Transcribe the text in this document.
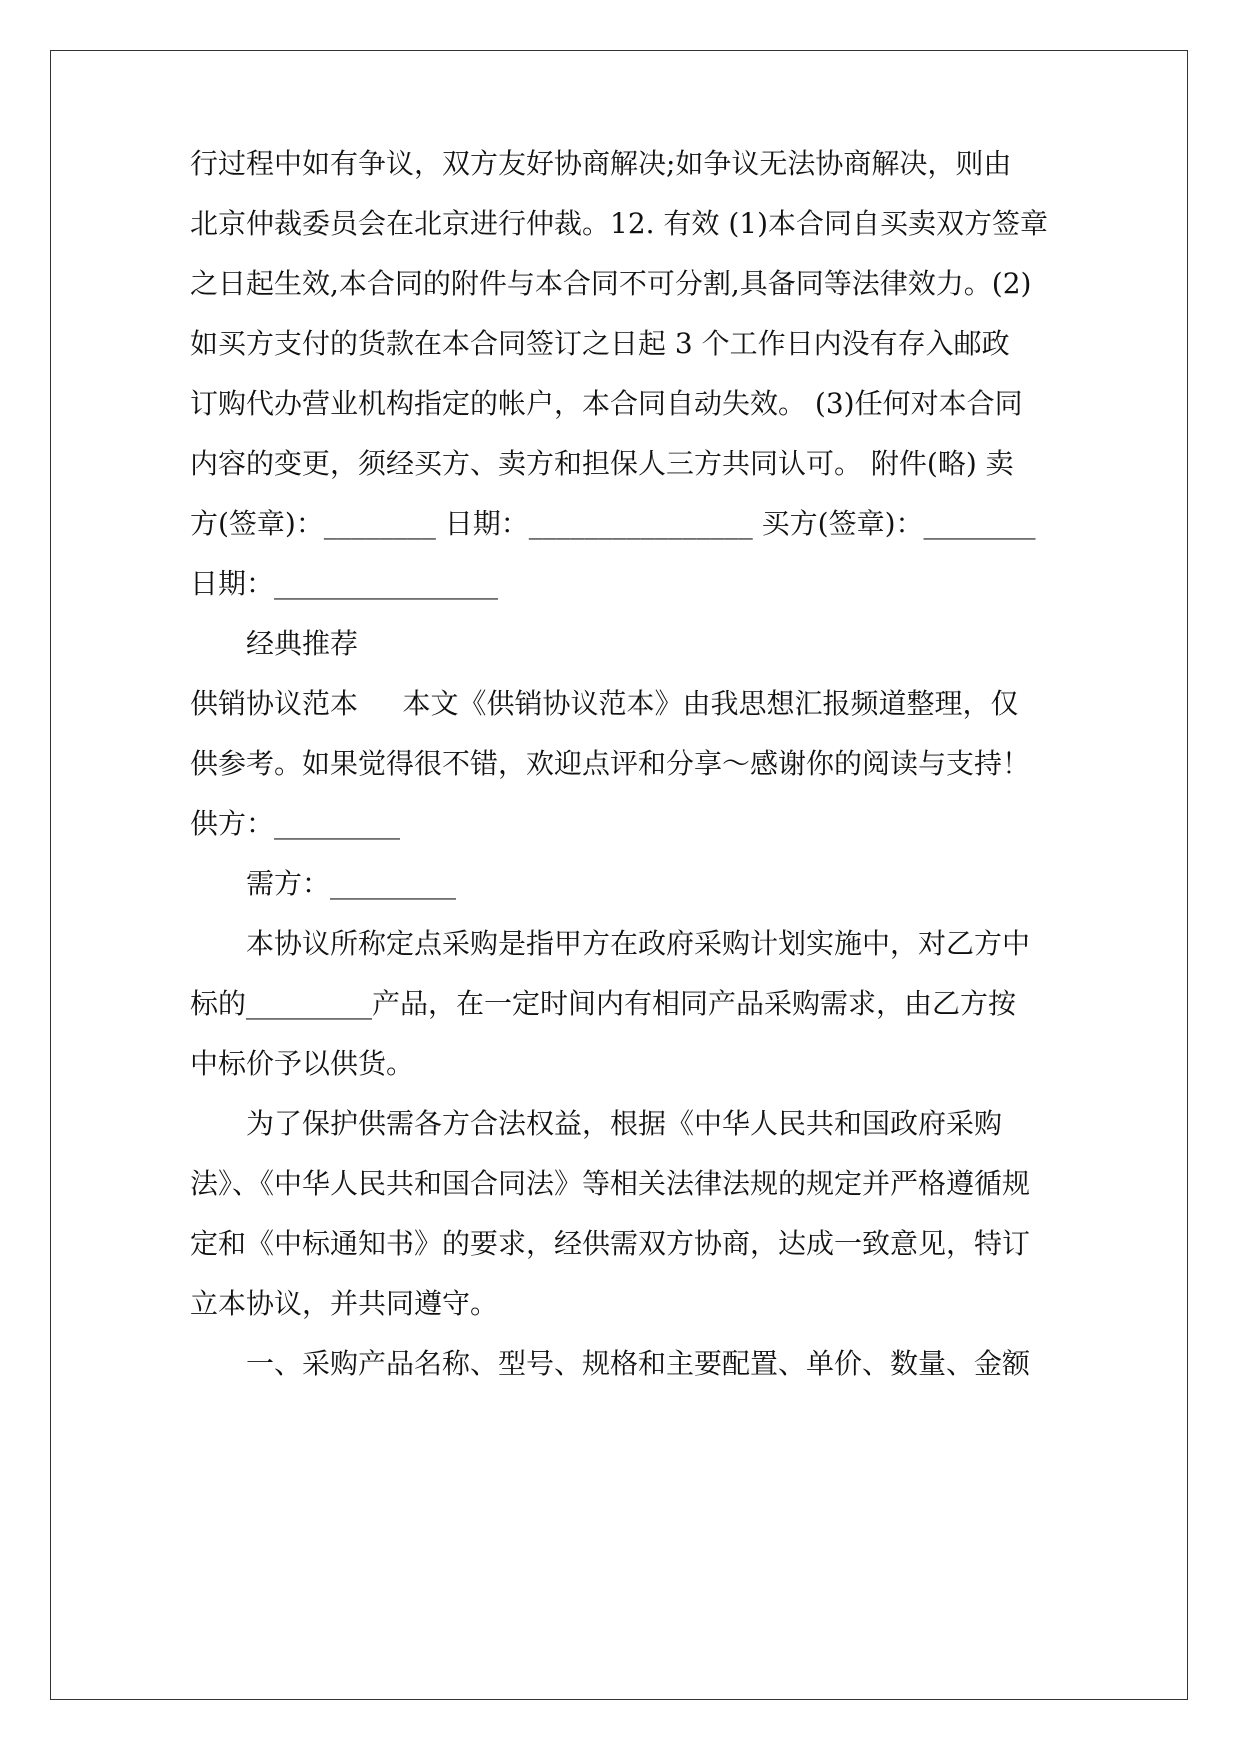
行过程中如有争议，双方友好协商解决;如争议无法协商解决，则由
北京仲裁委员会在北京进行仲裁。12. 有效 (1)本合同自买卖双方签章
之日起生效,本合同的附件与本合同不可分割,具备同等法律效力。(2)
如买方支付的货款在本合同签订之日起 3 个工作日内没有存入邮政
订购代办营业机构指定的帐户，本合同自动失效。 (3)任何对本合同
内容的变更，须经买方、卖方和担保人三方共同认可。 附件(略) 卖
方(签章)：________ 日期：________________ 买方(签章)：________
日期：________________
经典推荐
供销协议范本     本文《供销协议范本》由我思想汇报频道整理，仅
供参考。如果觉得很不错，欢迎点评和分享～感谢你的阅读与支持！
供方：_________
需方：_________
本协议所称定点采购是指甲方在政府采购计划实施中，对乙方中
标的_________产品，在一定时间内有相同产品采购需求，由乙方按
中标价予以供货。
为了保护供需各方合法权益，根据《中华人民共和国政府采购
法》、《中华人民共和国合同法》等相关法律法规的规定并严格遵循规
定和《中标通知书》的要求，经供需双方协商，达成一致意见，特订
立本协议，并共同遵守。
一、采购产品名称、型号、规格和主要配置、单价、数量、金额
